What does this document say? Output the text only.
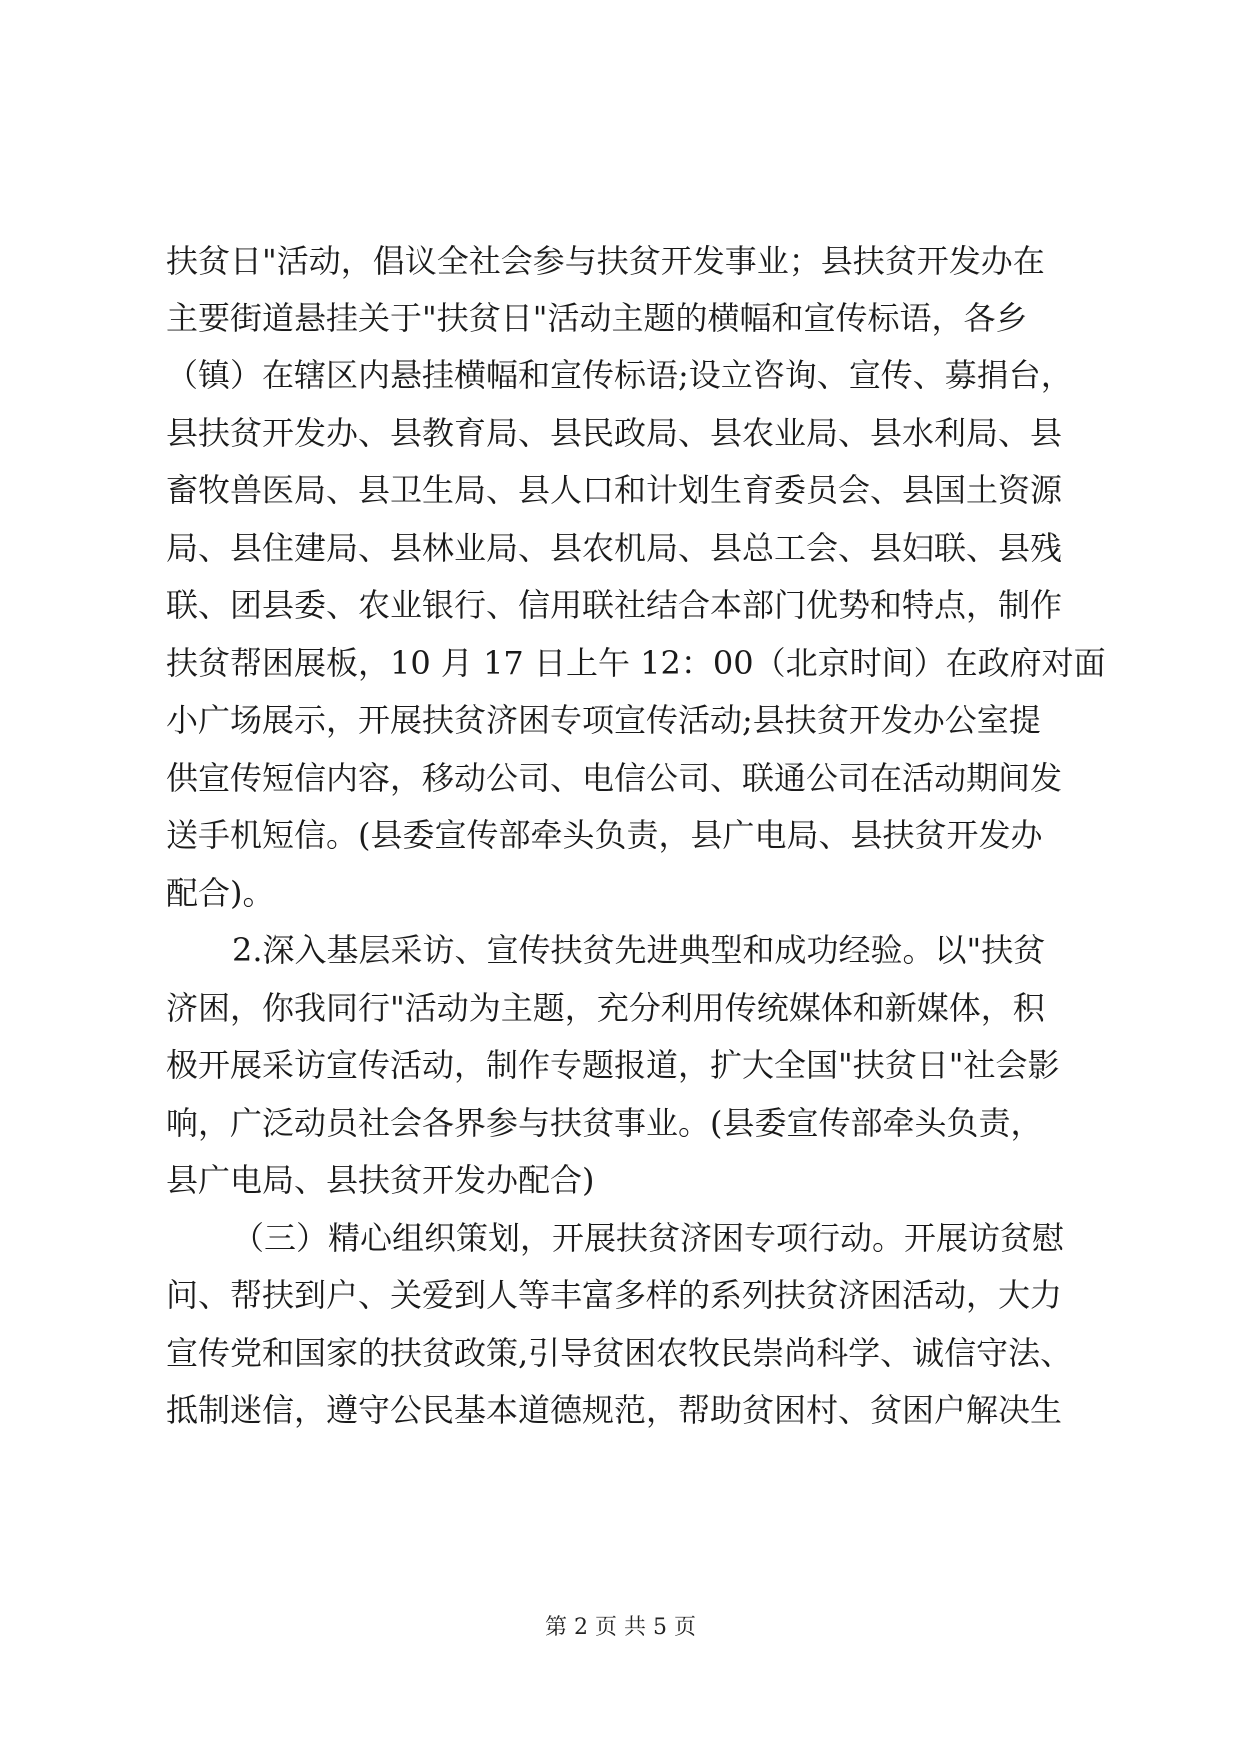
扶贫日"活动，倡议全社会参与扶贫开发事业；县扶贫开发办在
主要街道悬挂关于"扶贫日"活动主题的横幅和宣传标语，各乡
（镇）在辖区内悬挂横幅和宣传标语;设立咨询、宣传、募捐台，
县扶贫开发办、县教育局、县民政局、县农业局、县水利局、县
畜牧兽医局、县卫生局、县人口和计划生育委员会、县国土资源
局、县住建局、县林业局、县农机局、县总工会、县妇联、县残
联、团县委、农业银行、信用联社结合本部门优势和特点，制作
扶贫帮困展板，10 月 17 日上午 12：00（北京时间）在政府对面
小广场展示，开展扶贫济困专项宣传活动;县扶贫开发办公室提
供宣传短信内容，移动公司、电信公司、联通公司在活动期间发
送手机短信。(县委宣传部牵头负责，县广电局、县扶贫开发办
配合)。
2.深入基层采访、宣传扶贫先进典型和成功经验。以"扶贫
济困，你我同行"活动为主题，充分利用传统媒体和新媒体，积
极开展采访宣传活动，制作专题报道，扩大全国"扶贫日"社会影
响，广泛动员社会各界参与扶贫事业。(县委宣传部牵头负责，
县广电局、县扶贫开发办配合)
（三）精心组织策划，开展扶贫济困专项行动。开展访贫慰
问、帮扶到户、关爱到人等丰富多样的系列扶贫济困活动，大力
宣传党和国家的扶贫政策,引导贫困农牧民崇尚科学、诚信守法、
抵制迷信，遵守公民基本道德规范，帮助贫困村、贫困户解决生
第 2 页 共 5 页
